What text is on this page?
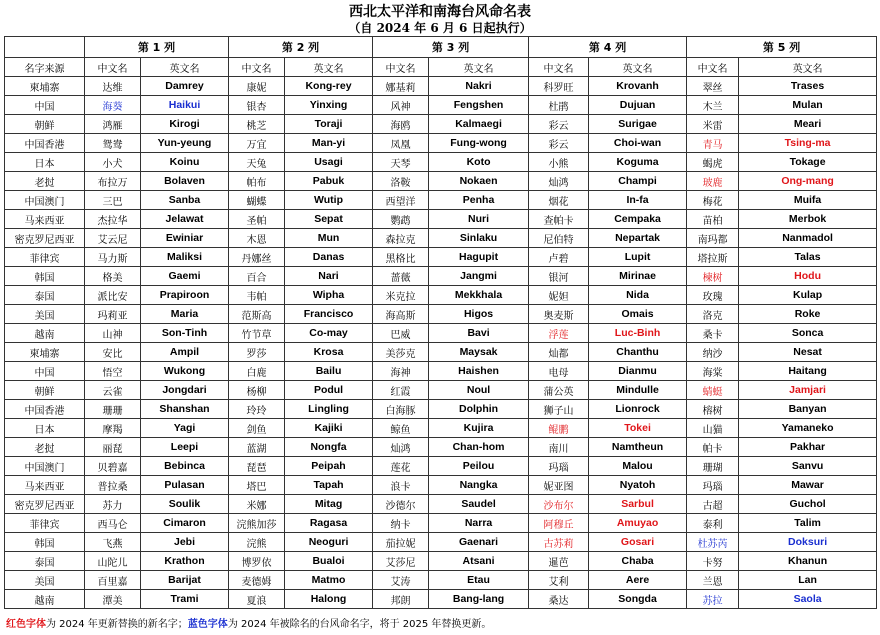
西北太平洋和南海台风命名表
（自 2024 年 6 月 6 日起执行）
	第 1 列		第 2 列		第 3 列		第 4 列		第 5 列	
名字来源	中文名	英文名	中文名	英文名	中文名	英文名	中文名	英文名	中文名	英文名
柬埔寨	达维	Damrey	康妮	Kong-rey	娜基莉	Nakri	科罗旺	Krovanh	翠丝	Trases
中国	海葵	Haikui	银杏	Yinxing	风神	Fengshen	杜鹃	Dujuan	木兰	Mulan
朝鲜	鸿雁	Kirogi	桃芝	Toraji	海鸥	Kalmaegi	彩云	Surigae	米雷	Meari
中国香港	鸳鸯	Yun-yeung	万宜	Man-yi	凤凰	Fung-wong	彩云	Choi-wan	青马	Tsing-ma
日本	小犬	Koinu	天兔	Usagi	天琴	Koto	小熊	Koguma	蝎虎	Tokage
老挝	布拉万	Bolaven	帕布	Pabuk	洛鞍	Nokaen	灿鸿	Champi	玻鹿	Ong-mang
中国澳门	三巴	Sanba	蝴蝶	Wutip	西望洋	Penha	烟花	In-fa	梅花	Muifa
马来西亚	杰拉华	Jelawat	圣帕	Sepat	鹦鹉	Nuri	查帕卡	Cempaka	苗柏	Merbok
密克罗尼西亚	艾云尼	Ewiniar	木恩	Mun	森拉克	Sinlaku	尼伯特	Nepartak	南玛都	Nanmadol
菲律宾	马力斯	Maliksi	丹娜丝	Danas	黑格比	Hagupit	卢碧	Lupit	塔拉斯	Talas
韩国	格美	Gaemi	百合	Nari	蔷薇	Jangmi	银河	Mirinae	楝树	Hodu
泰国	派比安	Prapiroon	韦帕	Wipha	米克拉	Mekkhala	妮妲	Nida	玫瑰	Kulap
美国	玛莉亚	Maria	范斯高	Francisco	海高斯	Higos	奥麦斯	Omais	洛克	Roke
越南	山神	Son-Tinh	竹节草	Co-may	巴威	Bavi	浮莲	Luc-Binh	桑卡	Sonca
柬埔寨	安比	Ampil	罗莎	Krosa	美莎克	Maysak	灿都	Chanthu	纳沙	Nesat
中国	悟空	Wukong	白鹿	Bailu	海神	Haishen	电母	Dianmu	海棠	Haitang
朝鲜	云雀	Jongdari	杨柳	Podul	红霞	Noul	蒲公英	Mindulle	蜻蜓	Jamjari
中国香港	珊珊	Shanshan	玲玲	Lingling	白海豚	Dolphin	狮子山	Lionrock	榕树	Banyan
日本	摩羯	Yagi	剑鱼	Kajiki	鲸鱼	Kujira	鲲鹏	Tokei	山猫	Yamaneko
老挝	丽琵	Leepi	蓝湖	Nongfa	灿鸿	Chan-hom	南川	Namtheun	帕卡	Pakhar
中国澳门	贝碧嘉	Bebinca	琵琶	Peipah	莲花	Peilou	玛瑙	Malou	珊瑚	Sanvu
马来西亚	普拉桑	Pulasan	塔巴	Tapah	浪卡	Nangka	妮亚图	Nyatoh	玛瑙	Mawar
密克罗尼西亚	苏力	Soulik	米娜	Mitag	沙德尔	Saudel	沙布尔	Sarbul	古超	Guchol
菲律宾	西马仑	Cimaron	浣熊加莎	Ragasa	纳卡	Narra	阿穆丘	Amuyao	泰利	Talim
韩国	飞燕	Jebi	浣熊	Neoguri	茄拉妮	Gaenari	古苏莉	Gosari	杜苏芮	Doksuri
泰国	山陀儿	Krathon	博罗依	Bualoi	艾莎尼	Atsani	暹芭	Chaba	卡努	Khanun
美国	百里嘉	Barijat	麦德姆	Matmo	艾涛	Etau	艾利	Aere	兰恩	Lan
越南	潭美	Trami	夏浪	Halong	邦朗	Bang-lang	桑达	Songda	苏拉	Saola
红色字体为 2024 年更新替换的新名字；蓝色字体为 2024 年被除名的台风命名字，将于 2025 年替换更新。
